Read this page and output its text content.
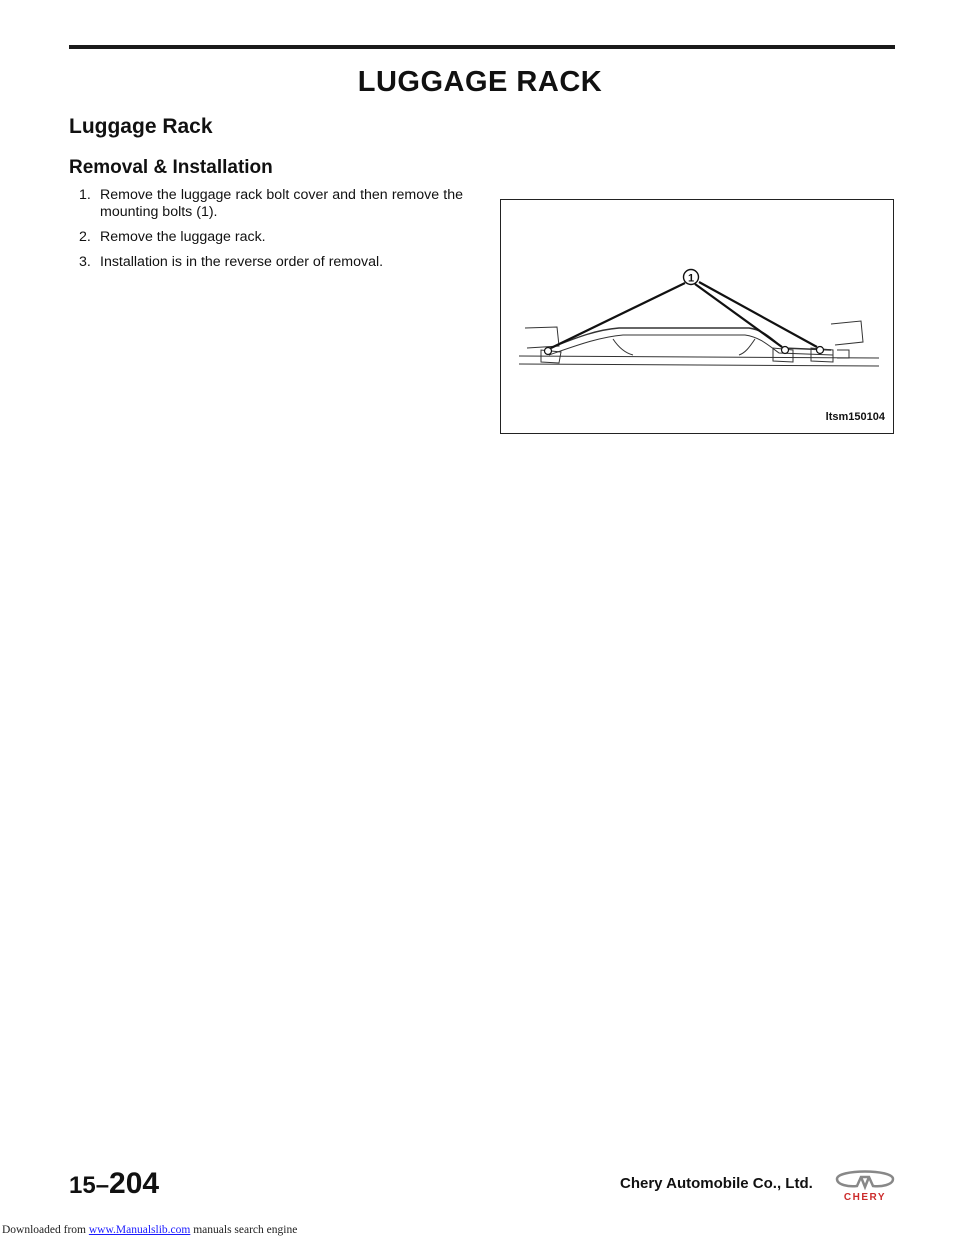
LUGGAGE RACK
Luggage Rack
Removal & Installation
1. Remove the luggage rack bolt cover and then remove the mounting bolts (1).
2. Remove the luggage rack.
3. Installation is in the reverse order of removal.
1
ltsm150104
15–204	Chery Automobile Co., Ltd.
CHERY
Downloaded from www.Manualslib.com manuals search engine
